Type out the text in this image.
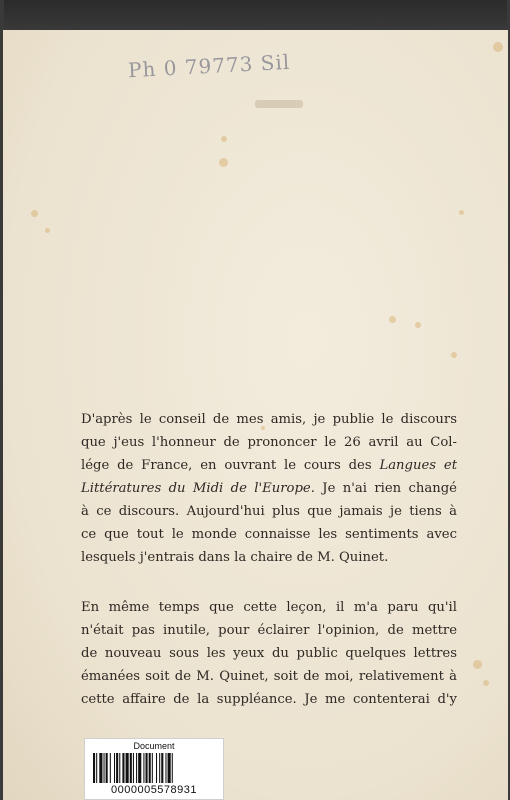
Ph 0 79773 Sil
D'après le conseil de mes amis, je publie le discours
que j'eus l'honneur de prononcer le 26 avril au Col-
lége de France, en ouvrant le cours des Langues et
Littératures du Midi de l'Europe. Je n'ai rien changé
à ce discours. Aujourd'hui plus que jamais je tiens à
ce que tout le monde connaisse les sentiments avec
lesquels j'entrais dans la chaire de M. Quinet.
En même temps que cette leçon, il m'a paru qu'il
n'était pas inutile, pour éclairer l'opinion, de mettre
de nouveau sous les yeux du public quelques lettres
émanées soit de M. Quinet, soit de moi, relativement à
cette affaire de la suppléance. Je me contenterai d'y
Document
0000005578931
